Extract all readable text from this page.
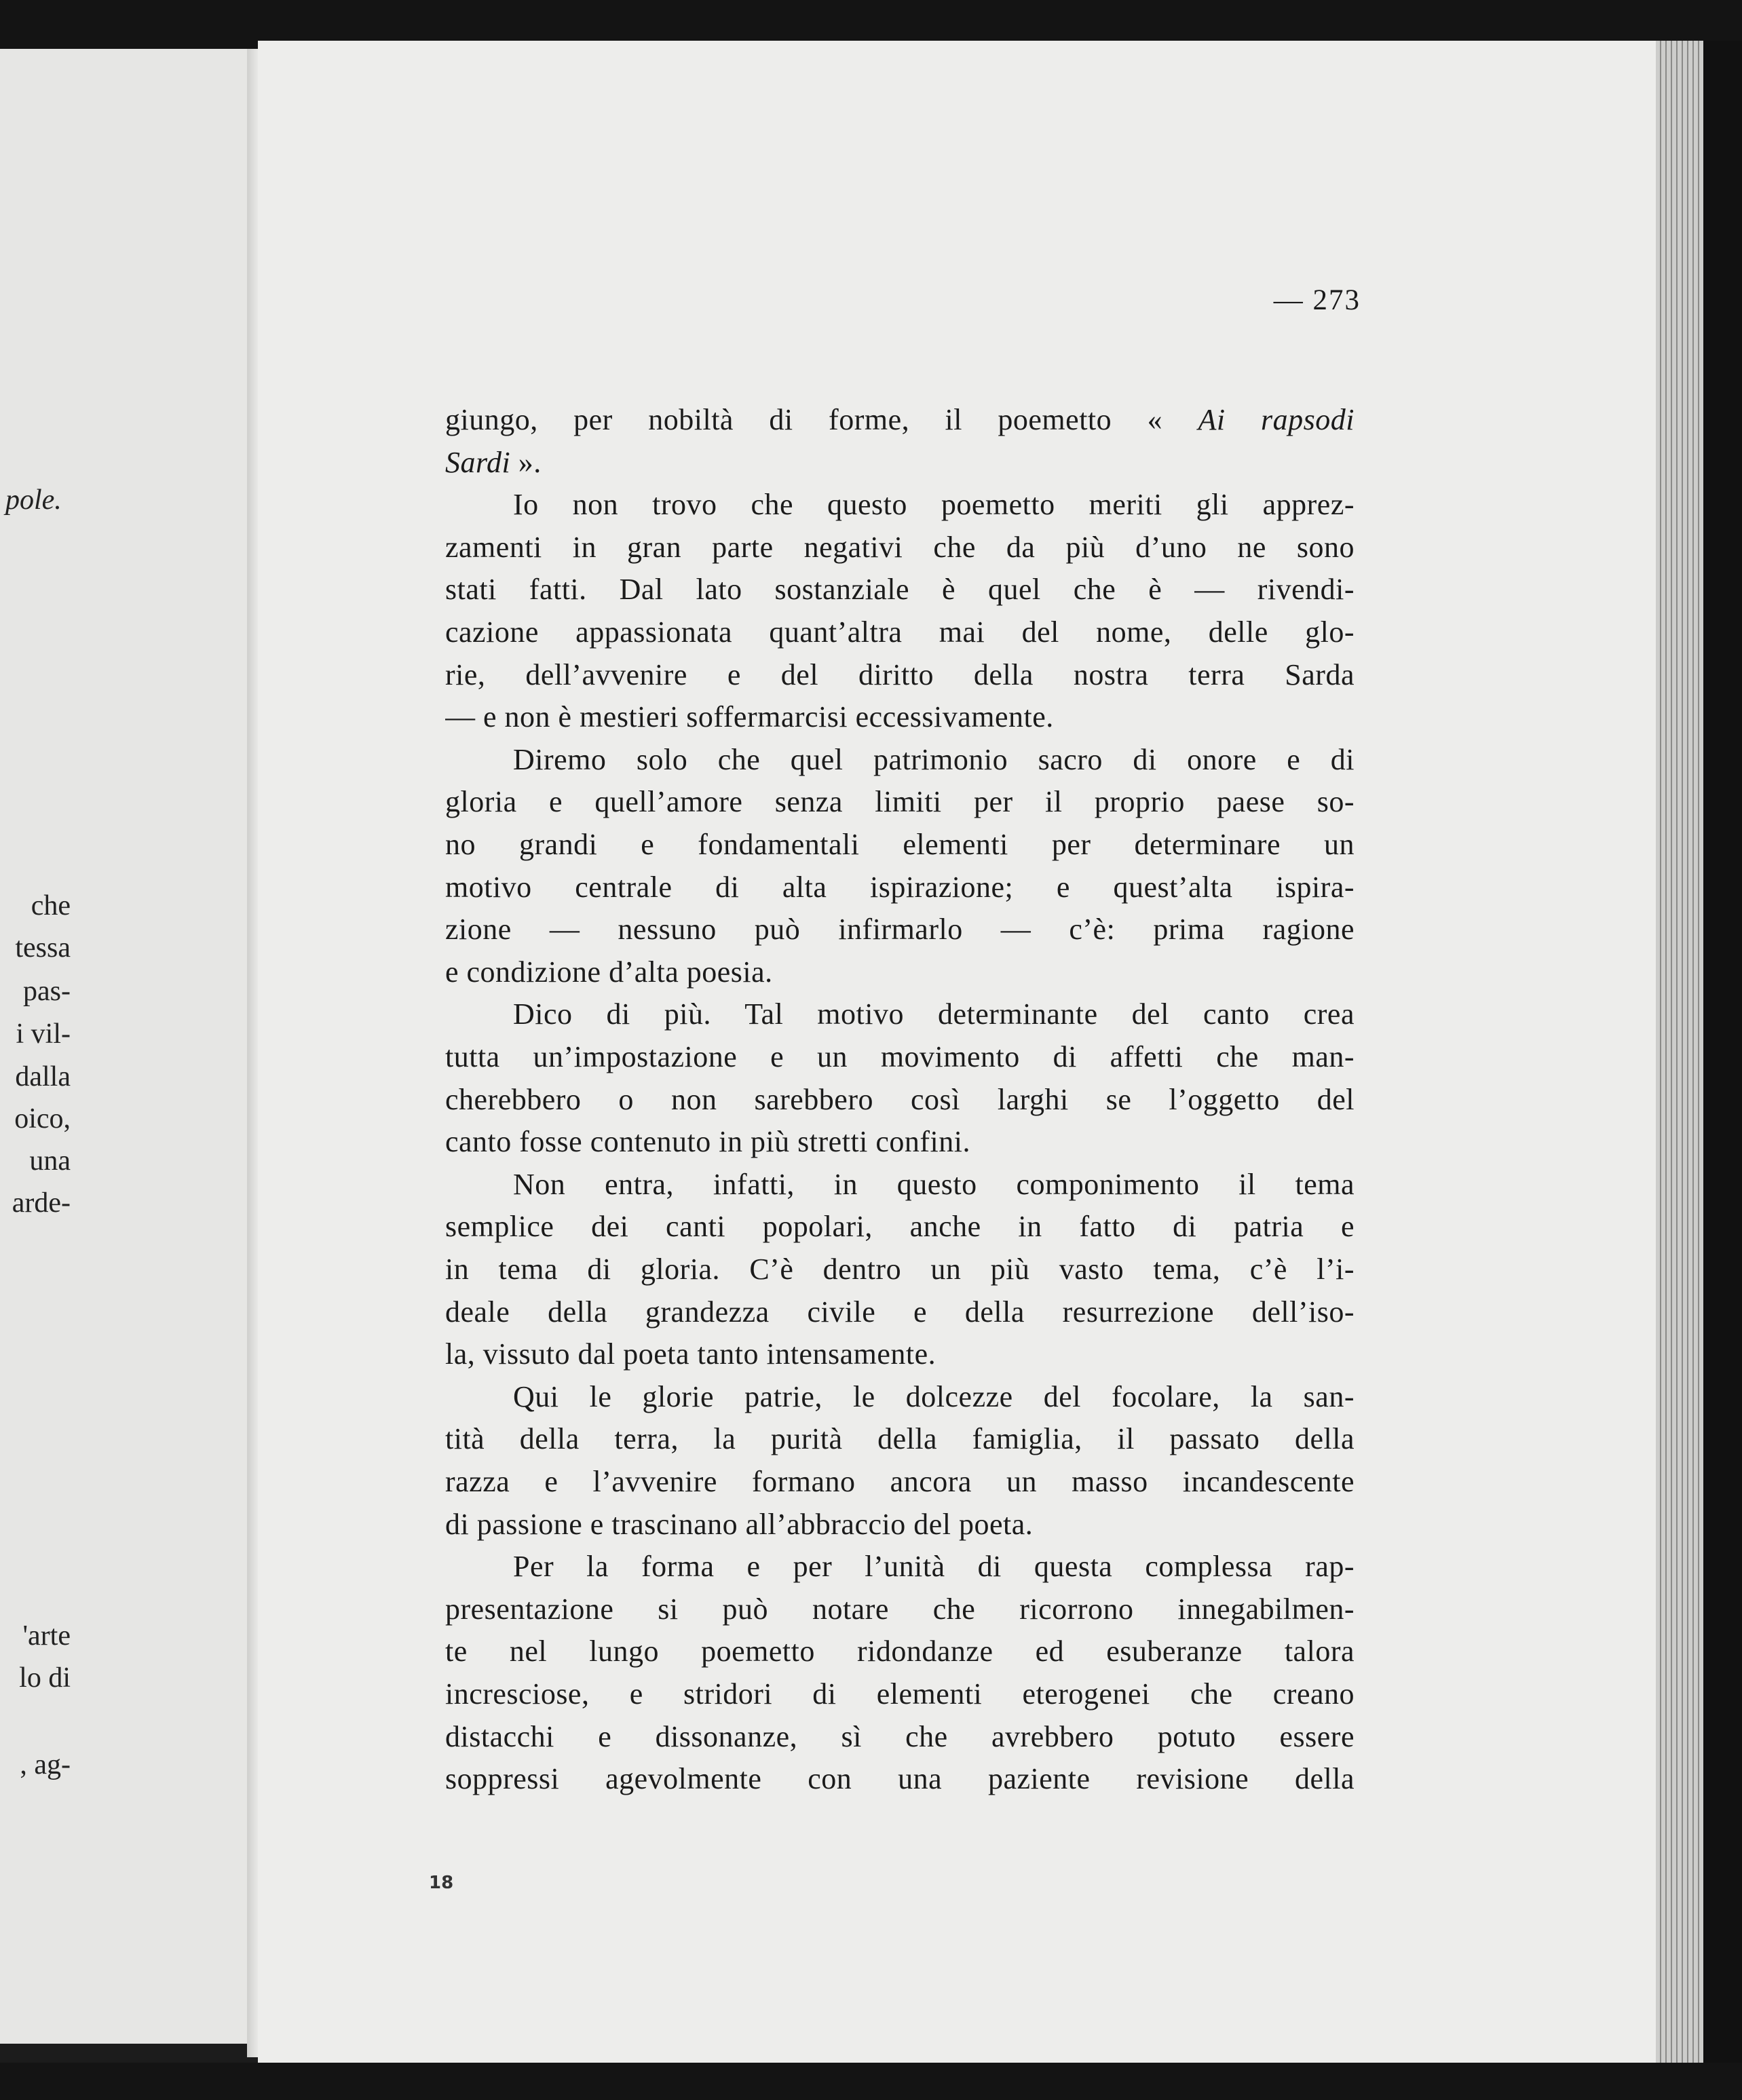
pole.
che
tessa
pas-
i vil-
dalla
oico,
una
arde-
'arte
lo di
, ag-
— 273
giungo, per nobiltà di forme, il poemetto « Ai rapsodi
Sardi ».
Io non trovo che questo poemetto meriti gli apprez-
zamenti in gran parte negativi che da più d’uno ne sono
stati fatti. Dal lato sostanziale è quel che è — rivendi-
cazione appassionata quant’altra mai del nome, delle glo-
rie, dell’avvenire e del diritto della nostra terra Sarda
— e non è mestieri soffermarcisi eccessivamente.
Diremo solo che quel patrimonio sacro di onore e di
gloria e quell’amore senza limiti per il proprio paese so-
no grandi e fondamentali elementi per determinare un
motivo centrale di alta ispirazione; e quest’alta ispira-
zione — nessuno può infirmarlo — c’è: prima ragione
e condizione d’alta poesia.
Dico di più. Tal motivo determinante del canto crea
tutta un’impostazione e un movimento di affetti che man-
cherebbero o non sarebbero così larghi se l’oggetto del
canto fosse contenuto in più stretti confini.
Non entra, infatti, in questo componimento il tema
semplice dei canti popolari, anche in fatto di patria e
in tema di gloria. C’è dentro un più vasto tema, c’è l’i-
deale della grandezza civile e della resurrezione dell’iso-
la, vissuto dal poeta tanto intensamente.
Qui le glorie patrie, le dolcezze del focolare, la san-
tità della terra, la purità della famiglia, il passato della
razza e l’avvenire formano ancora un masso incandescente
di passione e trascinano all’abbraccio del poeta.
Per la forma e per l’unità di questa complessa rap-
presentazione si può notare che ricorrono innegabilmen-
te nel lungo poemetto ridondanze ed esuberanze talora
incresciose, e stridori di elementi eterogenei che creano
distacchi e dissonanze, sì che avrebbero potuto essere
soppressi agevolmente con una paziente revisione della
18
